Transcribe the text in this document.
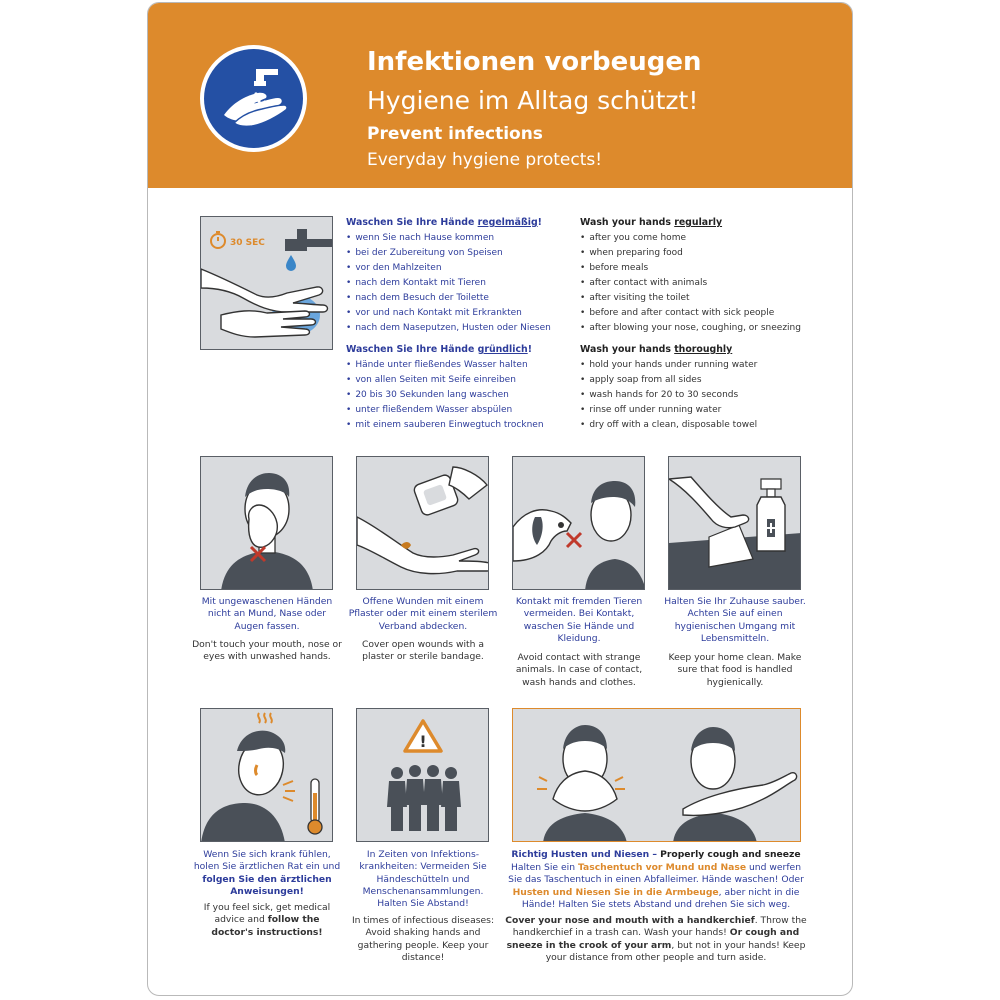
Infektionen vorbeugen
Hygiene im Alltag schützt!
Prevent infections
Everyday hygiene protects!
30 SEC
Waschen Sie Ihre Hände regelmäßig!
• wenn Sie nach Hause kommen
• bei der Zubereitung von Speisen
• vor den Mahlzeiten
• nach dem Kontakt mit Tieren
• nach dem Besuch der Toilette
• vor und nach Kontakt mit Erkrankten
• nach dem Naseputzen, Husten oder Niesen
Wash your hands regularly
• after you come home
• when preparing food
• before meals
• after contact with animals
• after visiting the toilet
• before and after contact with sick people
• after blowing your nose, coughing, or sneezing
Waschen Sie Ihre Hände gründlich!
• Hände unter fließendes Wasser halten
• von allen Seiten mit Seife einreiben
• 20 bis 30 Sekunden lang waschen
• unter fließendem Wasser abspülen
• mit einem sauberen Einwegtuch trocknen
Wash your hands thoroughly
• hold your hands under running water
• apply soap from all sides
• wash hands for 20 to 30 seconds
• rinse off under running water
• dry off with a clean, disposable towel
Mit ungewaschenen Händen nicht an Mund, Nase oder Augen fassen.
Don't touch your mouth, nose or eyes with unwashed hands.
Offene Wunden mit einem Pflaster oder mit einem sterilem Verband abdecken.
Cover open wounds with a plaster or sterile bandage.
Kontakt mit fremden Tieren vermeiden. Bei Kontakt, waschen Sie Hände und Kleidung.
Avoid contact with strange animals. In case of contact, wash hands and clothes.
Halten Sie Ihr Zuhause sauber. Achten Sie auf einen hygienischen Umgang mit Lebensmitteln.
Keep your home clean. Make sure that food is handled hygienically.
!
Wenn Sie sich krank fühlen, holen Sie ärztlichen Rat ein und folgen Sie den ärztlichen Anweisungen!
If you feel sick, get medical advice and follow the doctor's instructions!
In Zeiten von Infektions-krankheiten: Vermeiden Sie Händeschütteln und Menschenansammlungen. Halten Sie Abstand!
In times of infectious diseases: Avoid shaking hands and gathering people. Keep your distance!
Richtig Husten und Niesen – Properly cough and sneeze
Halten Sie ein Taschentuch vor Mund und Nase und werfen Sie das Taschentuch in einen Abfalleimer. Hände waschen! Oder Husten und Niesen Sie in die Armbeuge, aber nicht in die Hände! Halten Sie stets Abstand und drehen Sie sich weg.
Cover your nose and mouth with a handkerchief. Throw the handkerchief in a trash can. Wash your hands! Or cough and sneeze in the crook of your arm, but not in your hands! Keep your distance from other people and turn aside.
